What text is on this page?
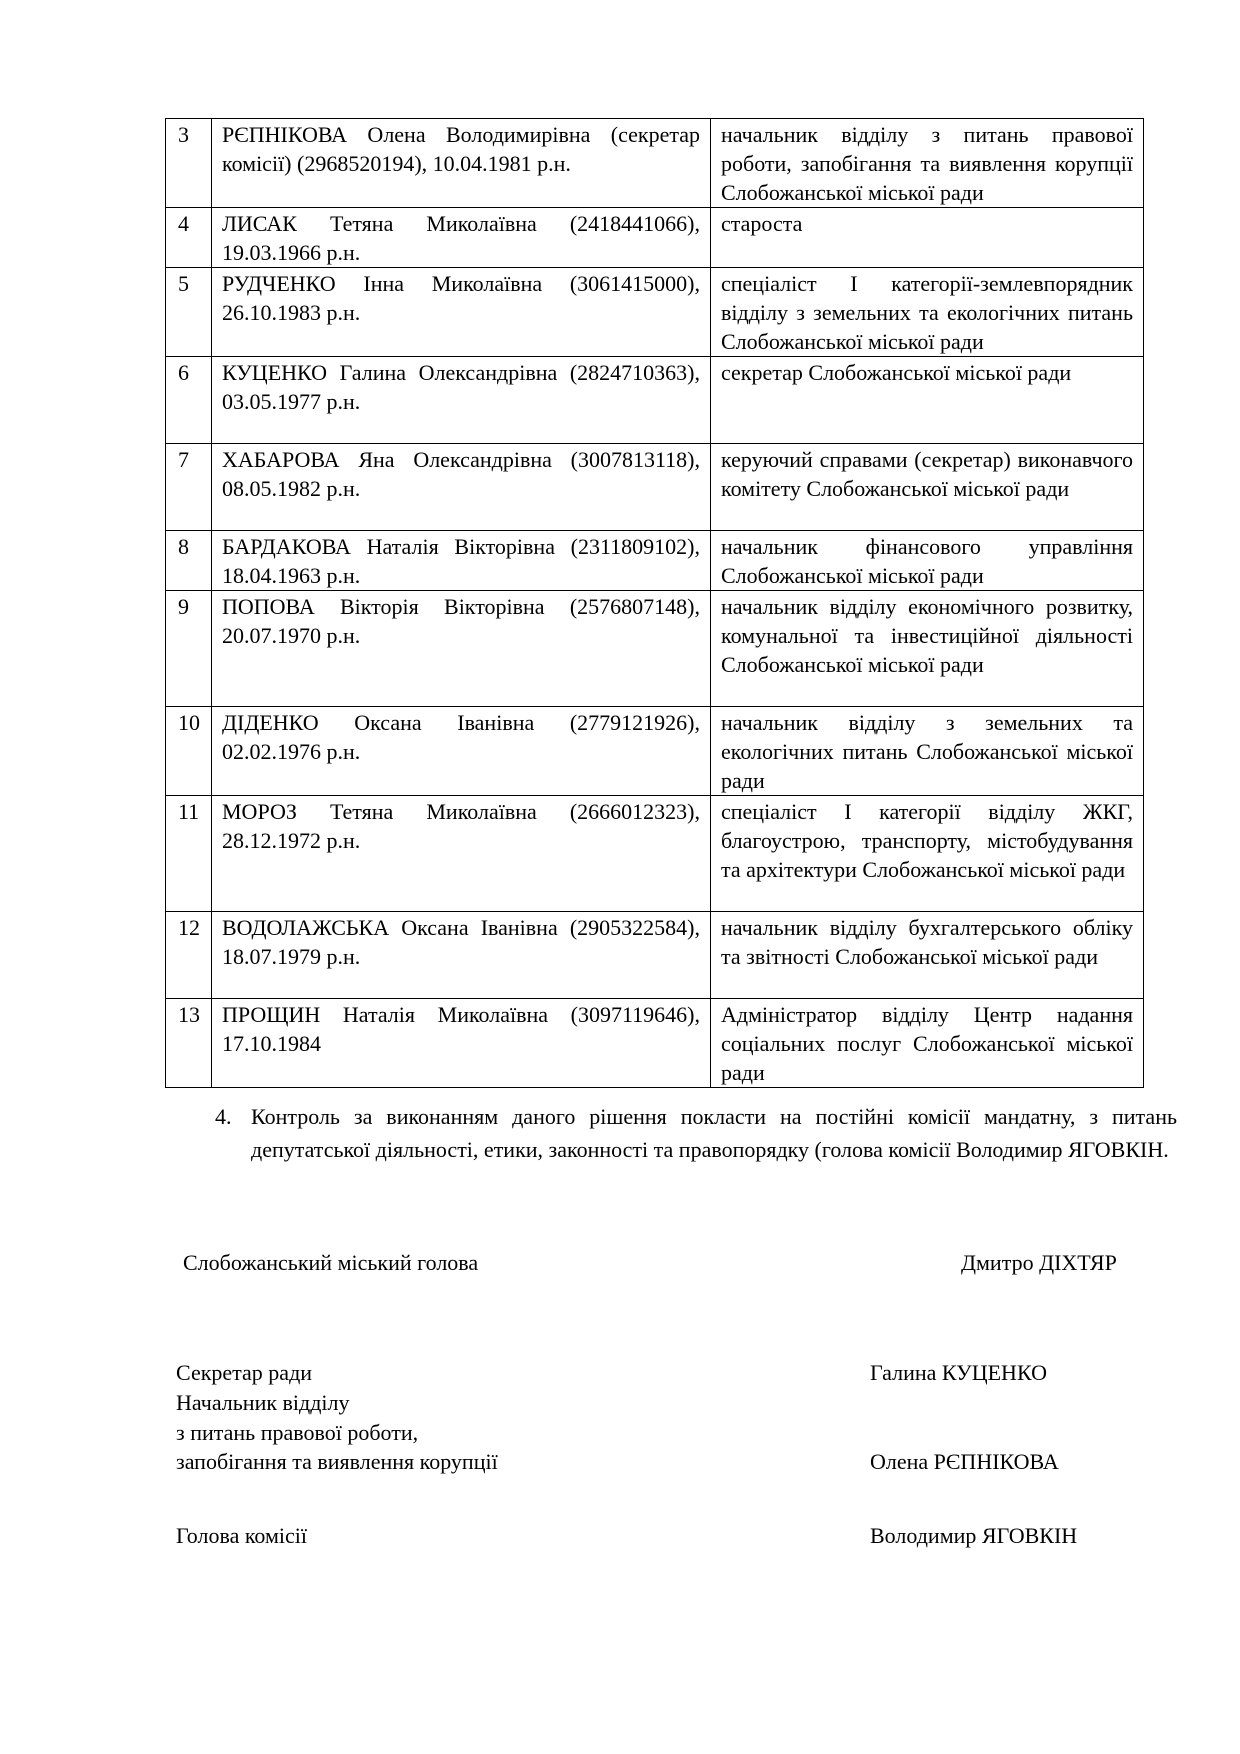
3	РЄПНІКОВА Олена Володимирівна (секретар комісії) (2968520194), 10.04.1981 р.н.	начальник відділу з питань правової роботи, запобігання та виявлення корупції Слобожанської міської ради
4	ЛИСАК Тетяна Миколаївна (2418441066), 19.03.1966 р.н.	староста
5	РУДЧЕНКО Інна Миколаївна (3061415000), 26.10.1983 р.н.	спеціаліст І категорії-землевпорядник відділу з земельних та екологічних питань Слобожанської міської ради
6	КУЦЕНКО Галина Олександрівна (2824710363), 03.05.1977 р.н.	секретар Слобожанської міської ради
7	ХАБАРОВА Яна Олександрівна (3007813118), 08.05.1982 р.н.	керуючий справами (секретар) виконавчого комітету Слобожанської міської ради
8	БАРДАКОВА Наталія Вікторівна (2311809102), 18.04.1963 р.н.	начальник фінансового управління Слобожанської міської ради
9	ПОПОВА Вікторія Вікторівна (2576807148), 20.07.1970 р.н.	начальник відділу економічного розвитку, комунальної та інвестиційної діяльності Слобожанської міської ради
10	ДІДЕНКО Оксана Іванівна (2779121926), 02.02.1976 р.н.	начальник відділу з земельних та екологічних питань Слобожанської міської ради
11	МОРОЗ Тетяна Миколаївна (2666012323), 28.12.1972 р.н.	спеціаліст І категорії відділу ЖКГ, благоустрою, транспорту, містобудування та архітектури Слобожанської міської ради
12	ВОДОЛАЖСЬКА Оксана Іванівна (2905322584), 18.07.1979 р.н.	начальник відділу бухгалтерського обліку та звітності Слобожанської міської ради
13	ПРОЩИН Наталія Миколаївна (3097119646), 17.10.1984	Адміністратор відділу Центр надання соціальних послуг Слобожанської міської ради
4. Контроль за виконанням даного рішення покласти на постійні комісії мандатну, з питань депутатської діяльності, етики, законності та правопорядку (голова комісії Володимир ЯГОВКІН.
Слобожанський міський голова	Дмитро ДІХТЯР
Секретар ради	Галина КУЦЕНКО
Начальник відділу
з питань правової роботи,
запобігання та виявлення корупції	Олена РЄПНІКОВА
Голова комісії	Володимир ЯГОВКІН
